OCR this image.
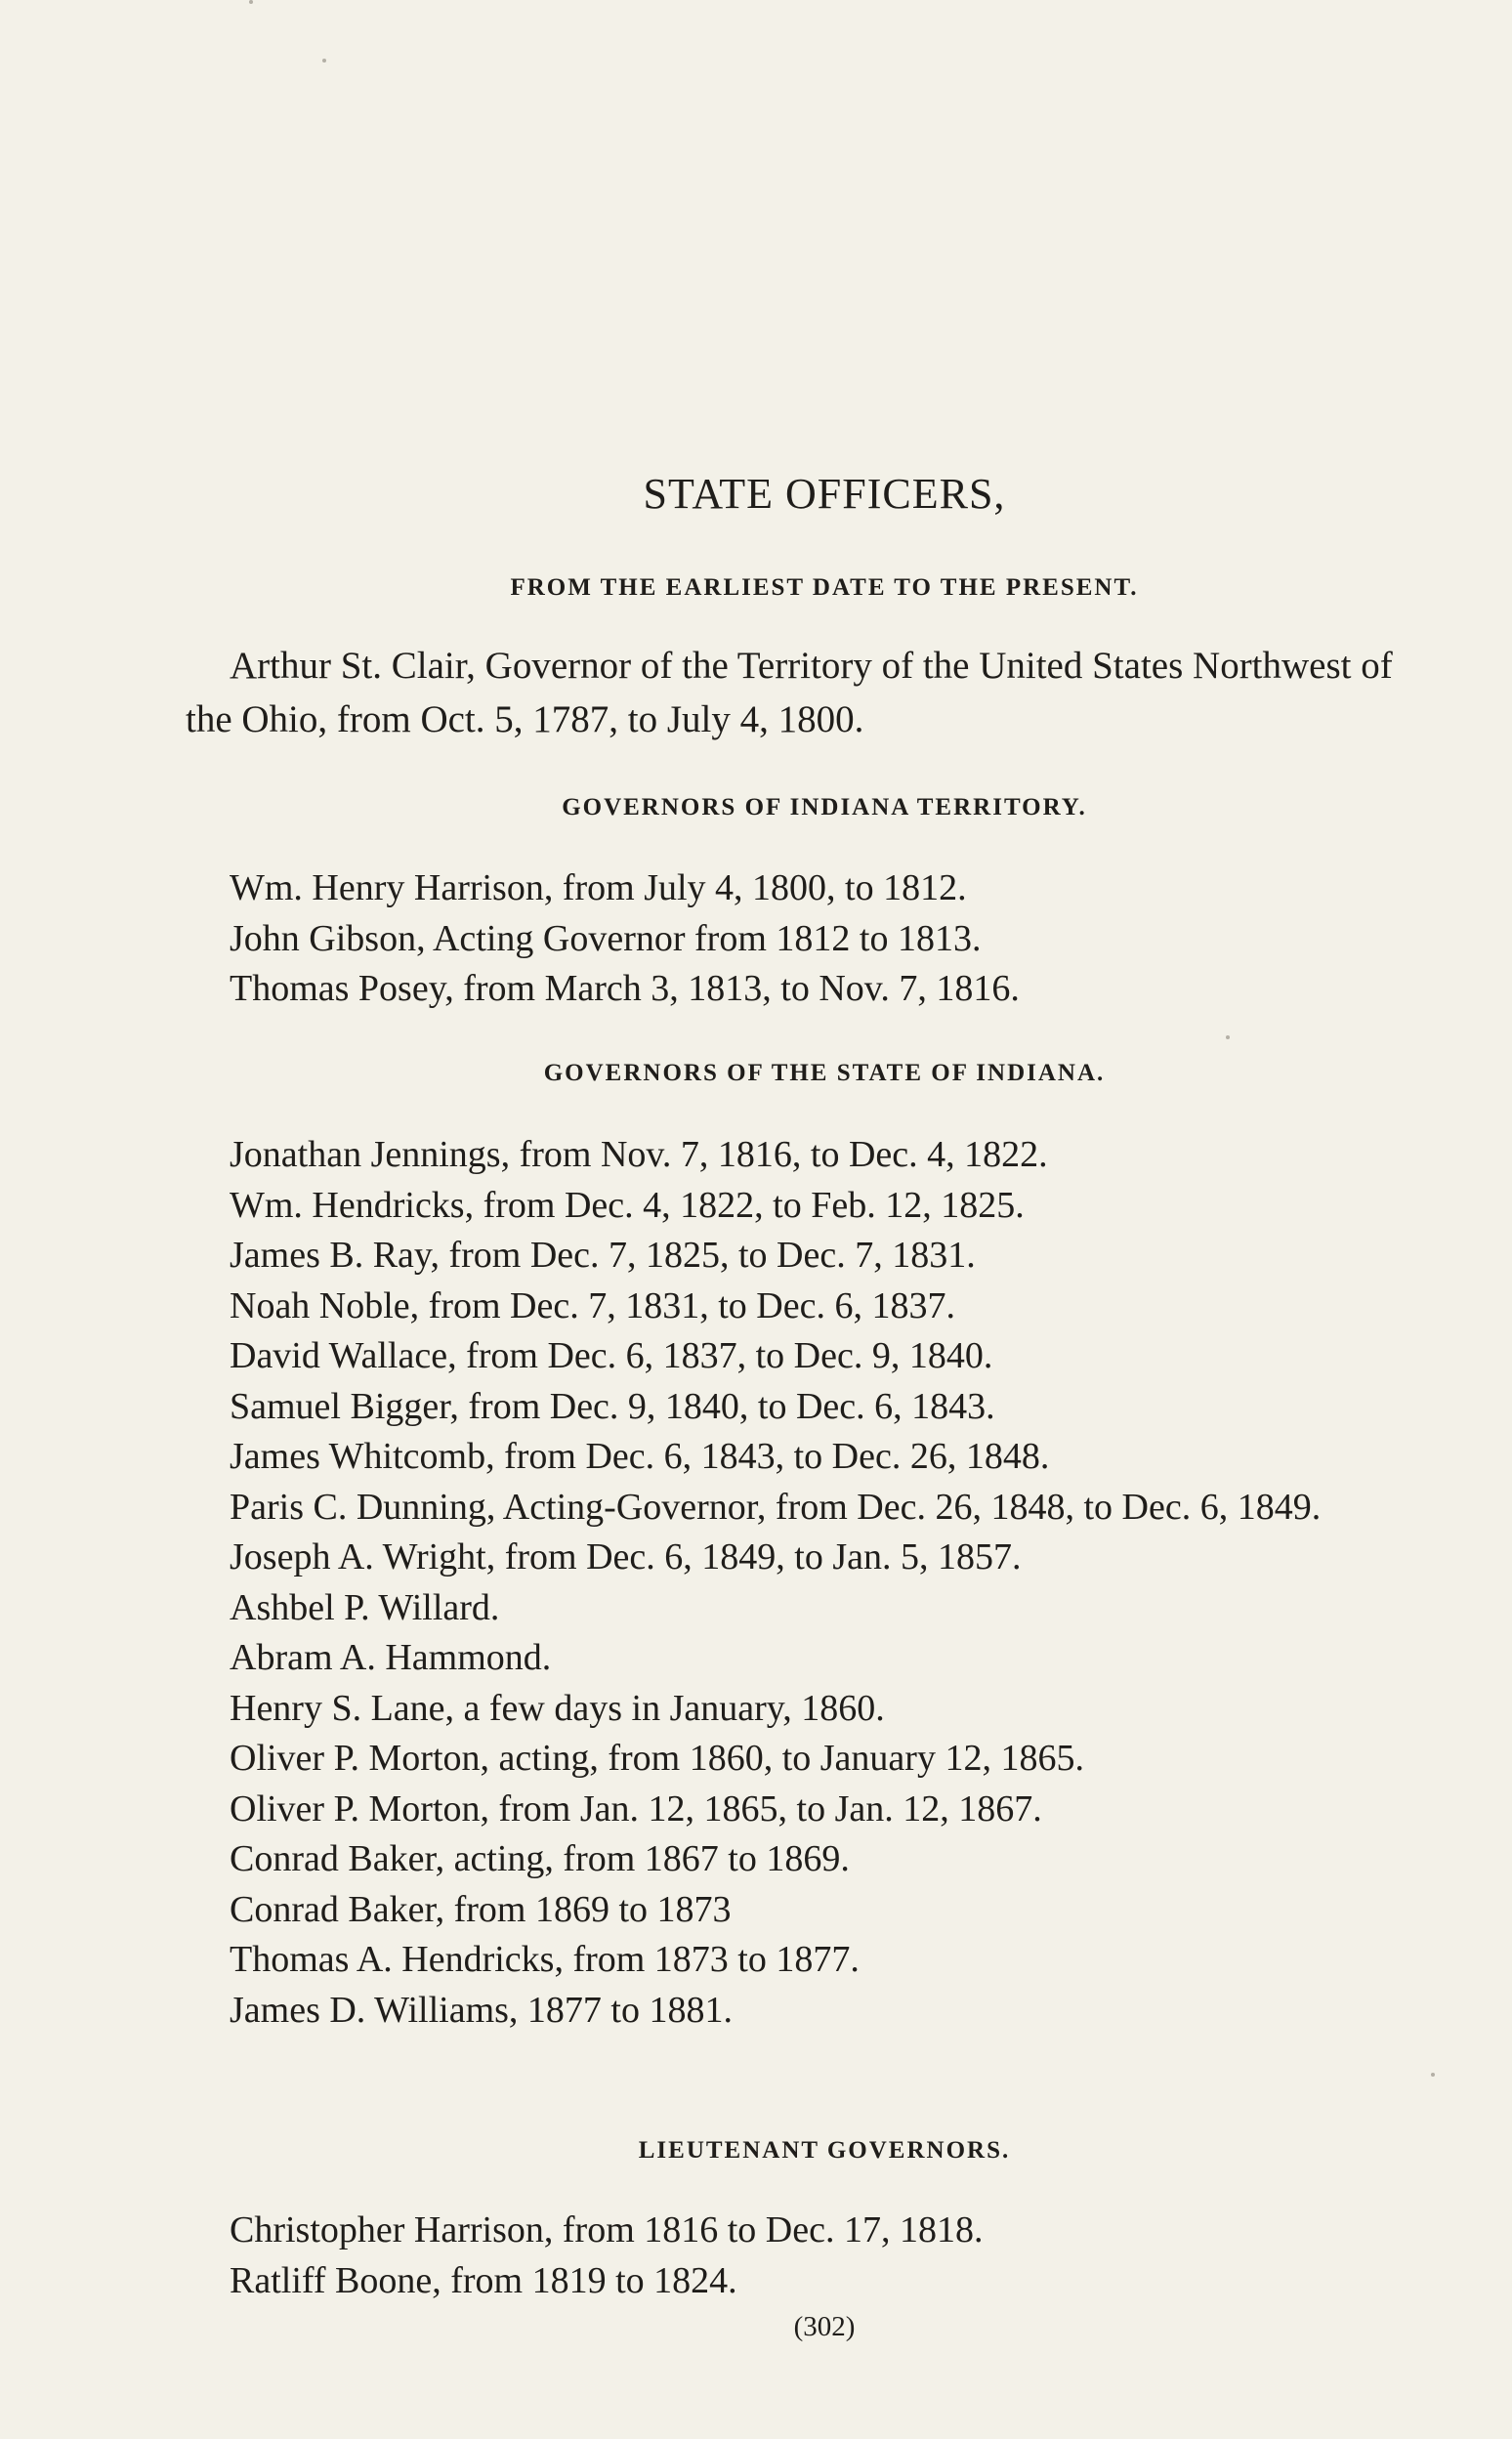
STATE OFFICERS,
FROM THE EARLIEST DATE TO THE PRESENT.
Arthur St. Clair, Governor of the Territory of the United States Northwest of the Ohio, from Oct. 5, 1787, to July 4, 1800.
GOVERNORS OF INDIANA TERRITORY.
Wm. Henry Harrison, from July 4, 1800, to 1812.
John Gibson, Acting Governor from 1812 to 1813.
Thomas Posey, from March 3, 1813, to Nov. 7, 1816.
GOVERNORS OF THE STATE OF INDIANA.
Jonathan Jennings, from Nov. 7, 1816, to Dec. 4, 1822.
Wm. Hendricks, from Dec. 4, 1822, to Feb. 12, 1825.
James B. Ray, from Dec. 7, 1825, to Dec. 7, 1831.
Noah Noble, from Dec. 7, 1831, to Dec. 6, 1837.
David Wallace, from Dec. 6, 1837, to Dec. 9, 1840.
Samuel Bigger, from Dec. 9, 1840, to Dec. 6, 1843.
James Whitcomb, from Dec. 6, 1843, to Dec. 26, 1848.
Paris C. Dunning, Acting-Governor, from Dec. 26, 1848, to Dec. 6, 1849.
Joseph A. Wright, from Dec. 6, 1849, to Jan. 5, 1857.
Ashbel P. Willard.
Abram A. Hammond.
Henry S. Lane, a few days in January, 1860.
Oliver P. Morton, acting, from 1860, to January 12, 1865.
Oliver P. Morton, from Jan. 12, 1865, to Jan. 12, 1867.
Conrad Baker, acting, from 1867 to 1869.
Conrad Baker, from 1869 to 1873
Thomas A. Hendricks, from 1873 to 1877.
James D. Williams, 1877 to 1881.
LIEUTENANT GOVERNORS.
Christopher Harrison, from 1816 to Dec. 17, 1818.
Ratliff Boone, from 1819 to 1824.
(302)
